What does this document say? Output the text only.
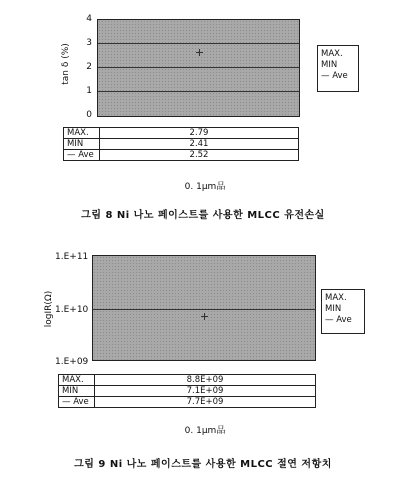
tan δ (%)
4
3
2
1
0
MAX.
MIN
— Ave
MAX.	2.79
MIN	2.41
— Ave	2.52
0. 1μm品
그림 8 Ni 나노 페이스트를 사용한 MLCC 유전손실
logIR(Ω)
1.E+11
1.E+10
1.E+09
MAX.
MIN
— Ave
MAX.	8.8E+09
MIN	7.1E+09
— Ave	7.7E+09
0. 1μm品
그림 9 Ni 나노 페이스트를 사용한 MLCC 절연 저항치
